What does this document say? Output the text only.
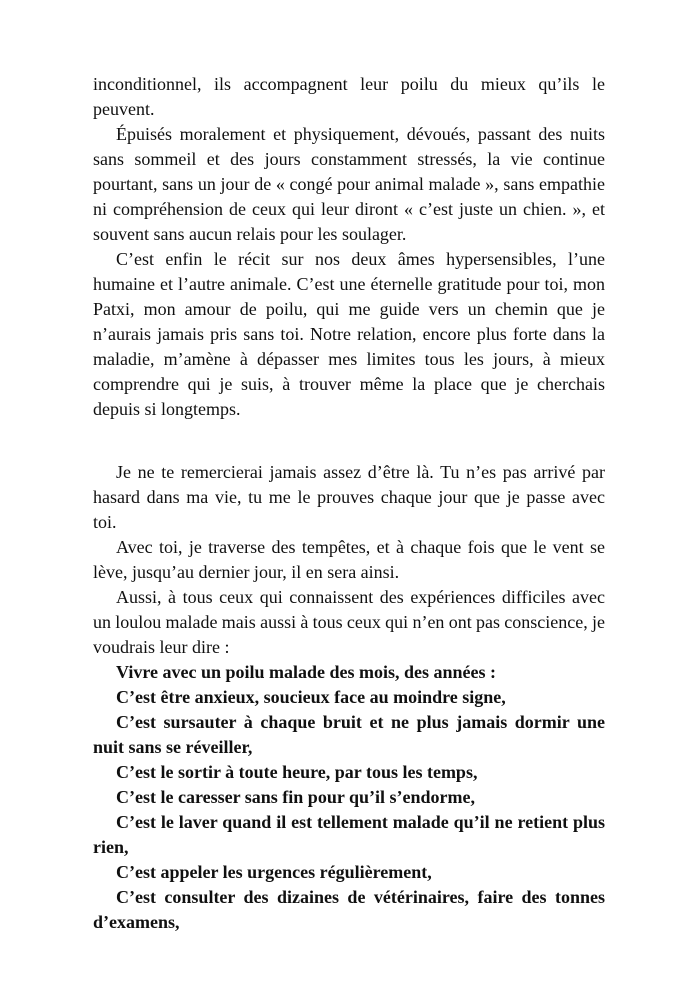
inconditionnel, ils accompagnent leur poilu du mieux qu’ils le
peuvent.
Épuisés moralement et physiquement, dévoués, passant des nuits
sans sommeil et des jours constamment stressés, la vie continue
pourtant, sans un jour de « congé pour animal malade », sans empathie
ni compréhension de ceux qui leur diront « c’est juste un chien. », et
souvent sans aucun relais pour les soulager.
C’est enfin le récit sur nos deux âmes hypersensibles, l’une
humaine et l’autre animale. C’est une éternelle gratitude pour toi, mon
Patxi, mon amour de poilu, qui me guide vers un chemin que je
n’aurais jamais pris sans toi. Notre relation, encore plus forte dans la
maladie, m’amène à dépasser mes limites tous les jours, à mieux
comprendre qui je suis, à trouver même la place que je cherchais
depuis si longtemps.
Je ne te remercierai jamais assez d’être là. Tu n’es pas arrivé par
hasard dans ma vie, tu me le prouves chaque jour que je passe avec
toi.
Avec toi, je traverse des tempêtes, et à chaque fois que le vent se
lève, jusqu’au dernier jour, il en sera ainsi.
Aussi, à tous ceux qui connaissent des expériences difficiles avec
un loulou malade mais aussi à tous ceux qui n’en ont pas conscience, je
voudrais leur dire :
Vivre avec un poilu malade des mois, des années :
C’est être anxieux, soucieux face au moindre signe,
C’est sursauter à chaque bruit et ne plus jamais dormir une
nuit sans se réveiller,
C’est le sortir à toute heure, par tous les temps,
C’est le caresser sans fin pour qu’il s’endorme,
C’est le laver quand il est tellement malade qu’il ne retient plus
rien,
C’est appeler les urgences régulièrement,
C’est consulter des dizaines de vétérinaires, faire des tonnes
d’examens,
